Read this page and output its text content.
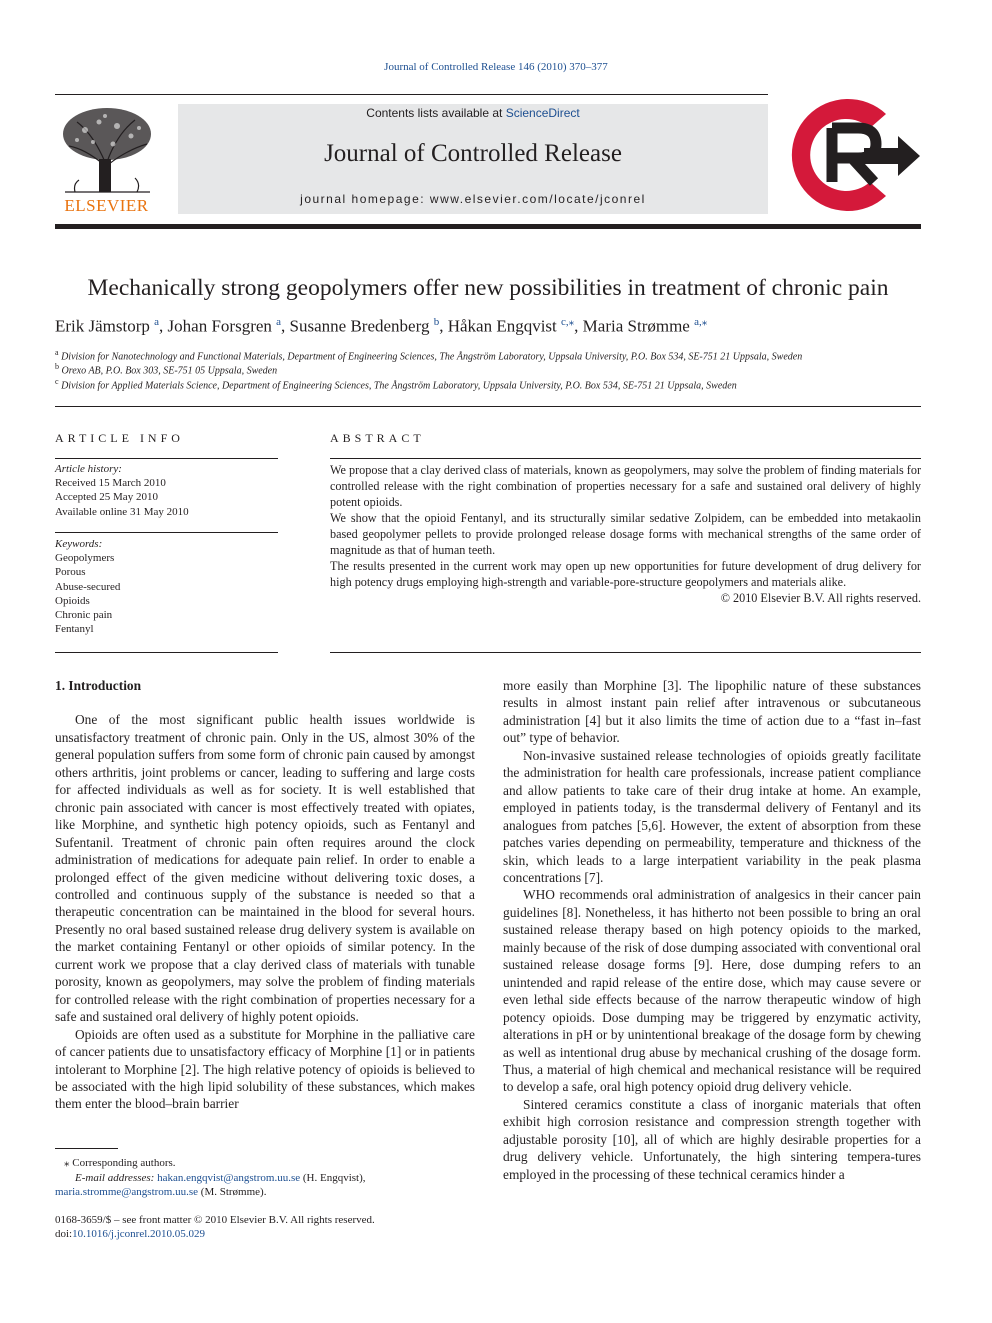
Journal of Controlled Release 146 (2010) 370–377
ELSEVIER
Contents lists available at ScienceDirect
Journal of Controlled Release
journal homepage: www.elsevier.com/locate/jconrel
Mechanically strong geopolymers offer new possibilities in treatment of chronic pain
Erik Jämstorp $^a$, Johan Forsgren $^a$, Susanne Bredenberg $^b$, Håkan Engqvist $^{c,⁎}$, Maria Strømme $^{a,⁎}$
$^a$ Division for Nanotechnology and Functional Materials, Department of Engineering Sciences, The Ångström Laboratory, Uppsala University, P.O. Box 534, SE-751 21 Uppsala, Sweden
$^b$ Orexo AB, P.O. Box 303, SE-751 05 Uppsala, Sweden
$^c$ Division for Applied Materials Science, Department of Engineering Sciences, The Ångström Laboratory, Uppsala University, P.O. Box 534, SE-751 21 Uppsala, Sweden
ARTICLE INFO
Article history:
Received 15 March 2010
Accepted 25 May 2010
Available online 31 May 2010
Keywords:
Geopolymers
Porous
Abuse-secured
Opioids
Chronic pain
Fentanyl
ABSTRACT

We propose that a clay derived class of materials, known as geopolymers, may solve the problem of finding materials for controlled release with the right combination of properties necessary for a safe and sustained oral delivery of highly potent opioids.

We show that the opioid Fentanyl, and its structurally similar sedative Zolpidem, can be embedded into metakaolin based geopolymer pellets to provide prolonged release dosage forms with mechanical strengths of the same order of magnitude as that of human teeth.

The results presented in the current work may open up new opportunities for future development of drug delivery for high potency drugs employing high-strength and variable-pore-structure geopolymers and materials alike.

© 2010 Elsevier B.V. All rights reserved.

1. Introduction

One of the most significant public health issues worldwide is unsatisfactory treatment of chronic pain. Only in the US, almost 30% of the general population suffers from some form of chronic pain caused by amongst others arthritis, joint problems or cancer, leading to suffering and large costs for affected individuals as well as for society. It is well established that chronic pain associated with cancer is most effectively treated with opiates, like Morphine, and synthetic high potency opioids, such as Fentanyl and Sufentanil. Treatment of chronic pain often requires around the clock administration of medications for adequate pain relief. In order to enable a prolonged effect of the given medicine without delivering toxic doses, a controlled and continuous supply of the substance is needed so that a therapeutic concentration can be maintained in the blood for several hours. Presently no oral based sustained release drug delivery system is available on the market containing Fentanyl or other opioids of similar potency. In the current work we propose that a clay derived class of materials with tunable porosity, known as geopolymers, may solve the problem of finding materials for controlled release with the right combination of properties necessary for a safe and sustained oral delivery of highly potent opioids.

Opioids are often used as a substitute for Morphine in the palliative care of cancer patients due to unsatisfactory efficacy of Morphine [1] or in patients intolerant to Morphine [2]. The high relative potency of opioids is believed to be associated with the high lipid solubility of these substances, which makes them enter the blood–brain barrier

more easily than Morphine [3]. The lipophilic nature of these substances results in almost instant pain relief after intravenous or subcutaneous administration [4] but it also limits the time of action due to a “fast in–fast out” type of behavior.

Non-invasive sustained release technologies of opioids greatly facilitate the administration for health care professionals, increase patient compliance and allow patients to take care of their drug intake at home. An example, employed in patients today, is the transdermal delivery of Fentanyl and its analogues from patches [5,6]. However, the extent of absorption from these patches varies depending on permeability, temperature and thickness of the skin, which leads to a large interpatient variability in the peak plasma concentrations [7].

WHO recommends oral administration of analgesics in their cancer pain guidelines [8]. Nonetheless, it has hitherto not been possible to bring an oral sustained release therapy based on high potency opioids to the marked, mainly because of the risk of dose dumping associated with conventional oral sustained release dosage forms [9]. Here, dose dumping refers to an unintended and rapid release of the entire dose, which may cause severe or even lethal side effects because of the narrow therapeutic window of high potency opioids. Dose dumping may be triggered by enzymatic activity, alterations in pH or by unintentional breakage of the dosage form by chewing as well as intentional drug abuse by mechanical crushing of the dosage form. Thus, a material of high chemical and mechanical resistance will be required to develop a safe, oral high potency opioid drug delivery vehicle.

Sintered ceramics constitute a class of inorganic materials that often exhibit high corrosion resistance and compression strength together with adjustable porosity [10], all of which are highly desirable properties for a drug delivery vehicle. Unfortunately, the high sintering tempera-tures employed in the processing of these technical ceramics hinder a

⁎ Corresponding authors.
E-mail addresses: hakan.engqvist@angstrom.uu.se (H. Engqvist),
maria.stromme@angstrom.uu.se (M. Strømme).
0168-3659/$ – see front matter © 2010 Elsevier B.V. All rights reserved.
doi:10.1016/j.jconrel.2010.05.029
